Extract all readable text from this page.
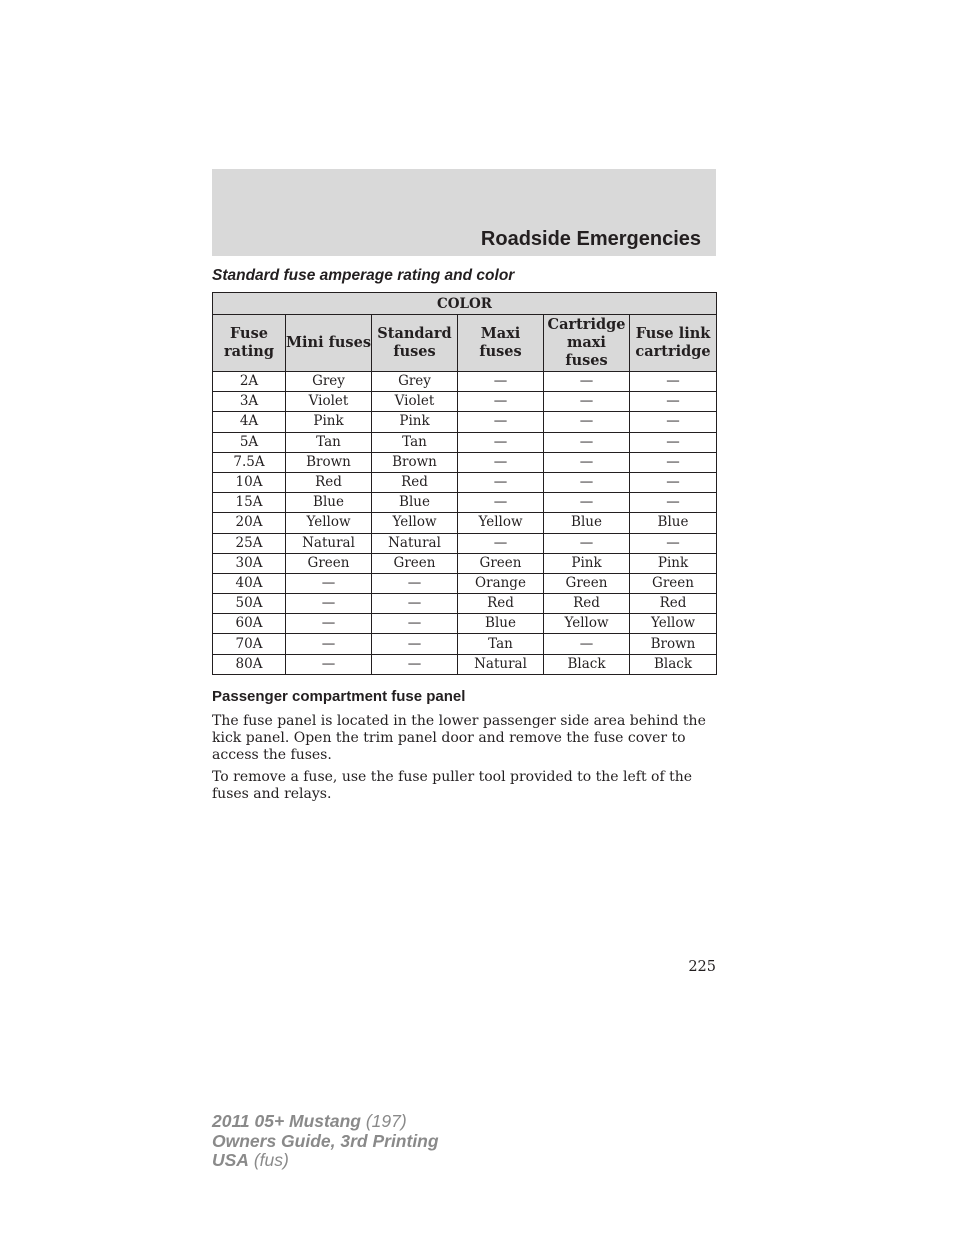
Roadside Emergencies
Standard fuse amperage rating and color
COLOR					
Fuse rating	Mini fuses	Standard fuses	Maxi fuses	Cartridge maxi fuses	Fuse link cartridge
2A	Grey	Grey	—	—	—
3A	Violet	Violet	—	—	—
4A	Pink	Pink	—	—	—
5A	Tan	Tan	—	—	—
7.5A	Brown	Brown	—	—	—
10A	Red	Red	—	—	—
15A	Blue	Blue	—	—	—
20A	Yellow	Yellow	Yellow	Blue	Blue
25A	Natural	Natural	—	—	—
30A	Green	Green	Green	Pink	Pink
40A	—	—	Orange	Green	Green
50A	—	—	Red	Red	Red
60A	—	—	Blue	Yellow	Yellow
70A	—	—	Tan	—	Brown
80A	—	—	Natural	Black	Black
Passenger compartment fuse panel

The fuse panel is located in the lower passenger side area behind the kick panel. Open the trim panel door and remove the fuse cover to access the fuses.

To remove a fuse, use the fuse puller tool provided to the left of the fuses and relays.

225
2011 05+ Mustang (197)
Owners Guide, 3rd Printing
USA (fus)
